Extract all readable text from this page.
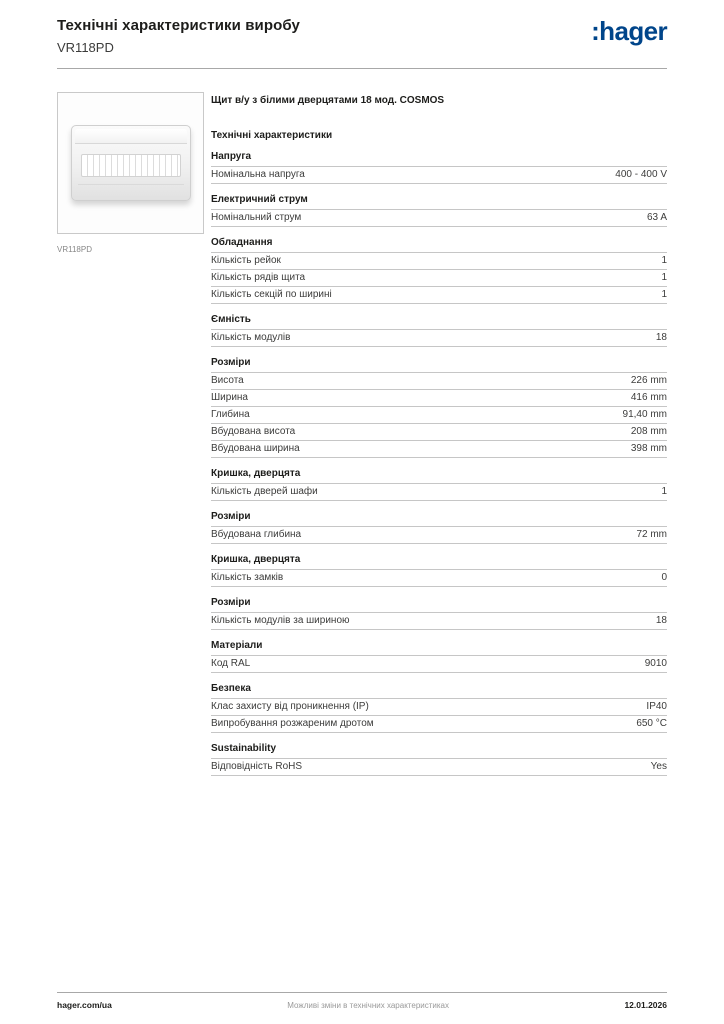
Технічні характеристики виробу
VR118PD
:hager
VR118PD
Щит в/у з білими дверцятами 18 мод. COSMOS
Технічні характеристики
Напруга
Номінальна напруга	400 - 400 V
Електричний струм
Номінальний струм	63 A
Обладнання
Кількість рейок	1
Кількість рядів щита	1
Кількість секцій по ширині	1
Ємність
Кількість модулів	18
Розміри
Висота	226 mm
Ширина	416 mm
Глибина	91,40 mm
Вбудована висота	208 mm
Вбудована ширина	398 mm
Кришка, дверцята
Кількість дверей шафи	1
Розміри
Вбудована глибина	72 mm
Кришка, дверцята
Кількість замків	0
Розміри
Кількість модулів за шириною	18
Матеріали
Код RAL	9010
Безпека
Клас захисту від проникнення (IP)	IP40
Випробування розжареним дротом	650 °C
Sustainability
Відповідність RoHS	Yes
hager.com/ua	Можливі зміни в технічних характеристиках	12.01.2026
